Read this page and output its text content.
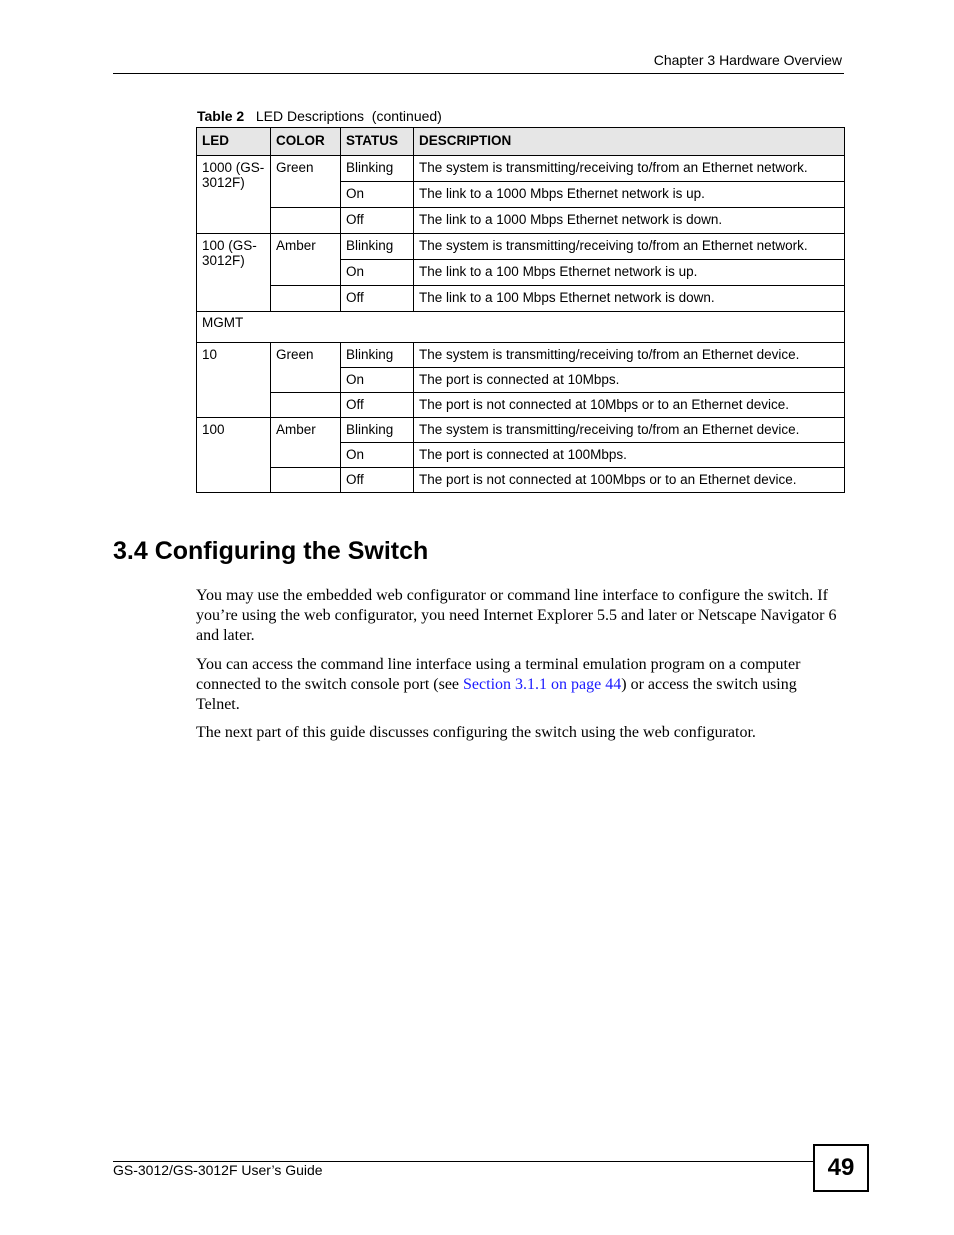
Chapter 3 Hardware Overview
Table 2 LED Descriptions  (continued)
LED	COLOR	STATUS	DESCRIPTION
1000 (GS-3012F)	Green	Blinking	The system is transmitting/receiving to/from an Ethernet network.
		On	The link to a 1000 Mbps Ethernet network is up.
		Off	The link to a 1000 Mbps Ethernet network is down.
100 (GS-3012F)	Amber	Blinking	The system is transmitting/receiving to/from an Ethernet network.
		On	The link to a 100 Mbps Ethernet network is up.
		Off	The link to a 100 Mbps Ethernet network is down.
MGMT			
10	Green	Blinking	The system is transmitting/receiving to/from an Ethernet device.
		On	The port is connected at 10Mbps.
		Off	The port is not connected at 10Mbps or to an Ethernet device.
100	Amber	Blinking	The system is transmitting/receiving to/from an Ethernet device.
		On	The port is connected at 100Mbps.
		Off	The port is not connected at 100Mbps or to an Ethernet device.
3.4 Configuring the Switch

You may use the embedded web configurator or command line interface to configure the switch. If you’re using the web configurator, you need Internet Explorer 5.5 and later or Netscape Navigator 6 and later.

You can access the command line interface using a terminal emulation program on a computer connected to the switch console port (see Section 3.1.1 on page 44) or access the switch using Telnet.

The next part of this guide discusses configuring the switch using the web configurator.

GS-3012/GS-3012F User’s Guide	49
